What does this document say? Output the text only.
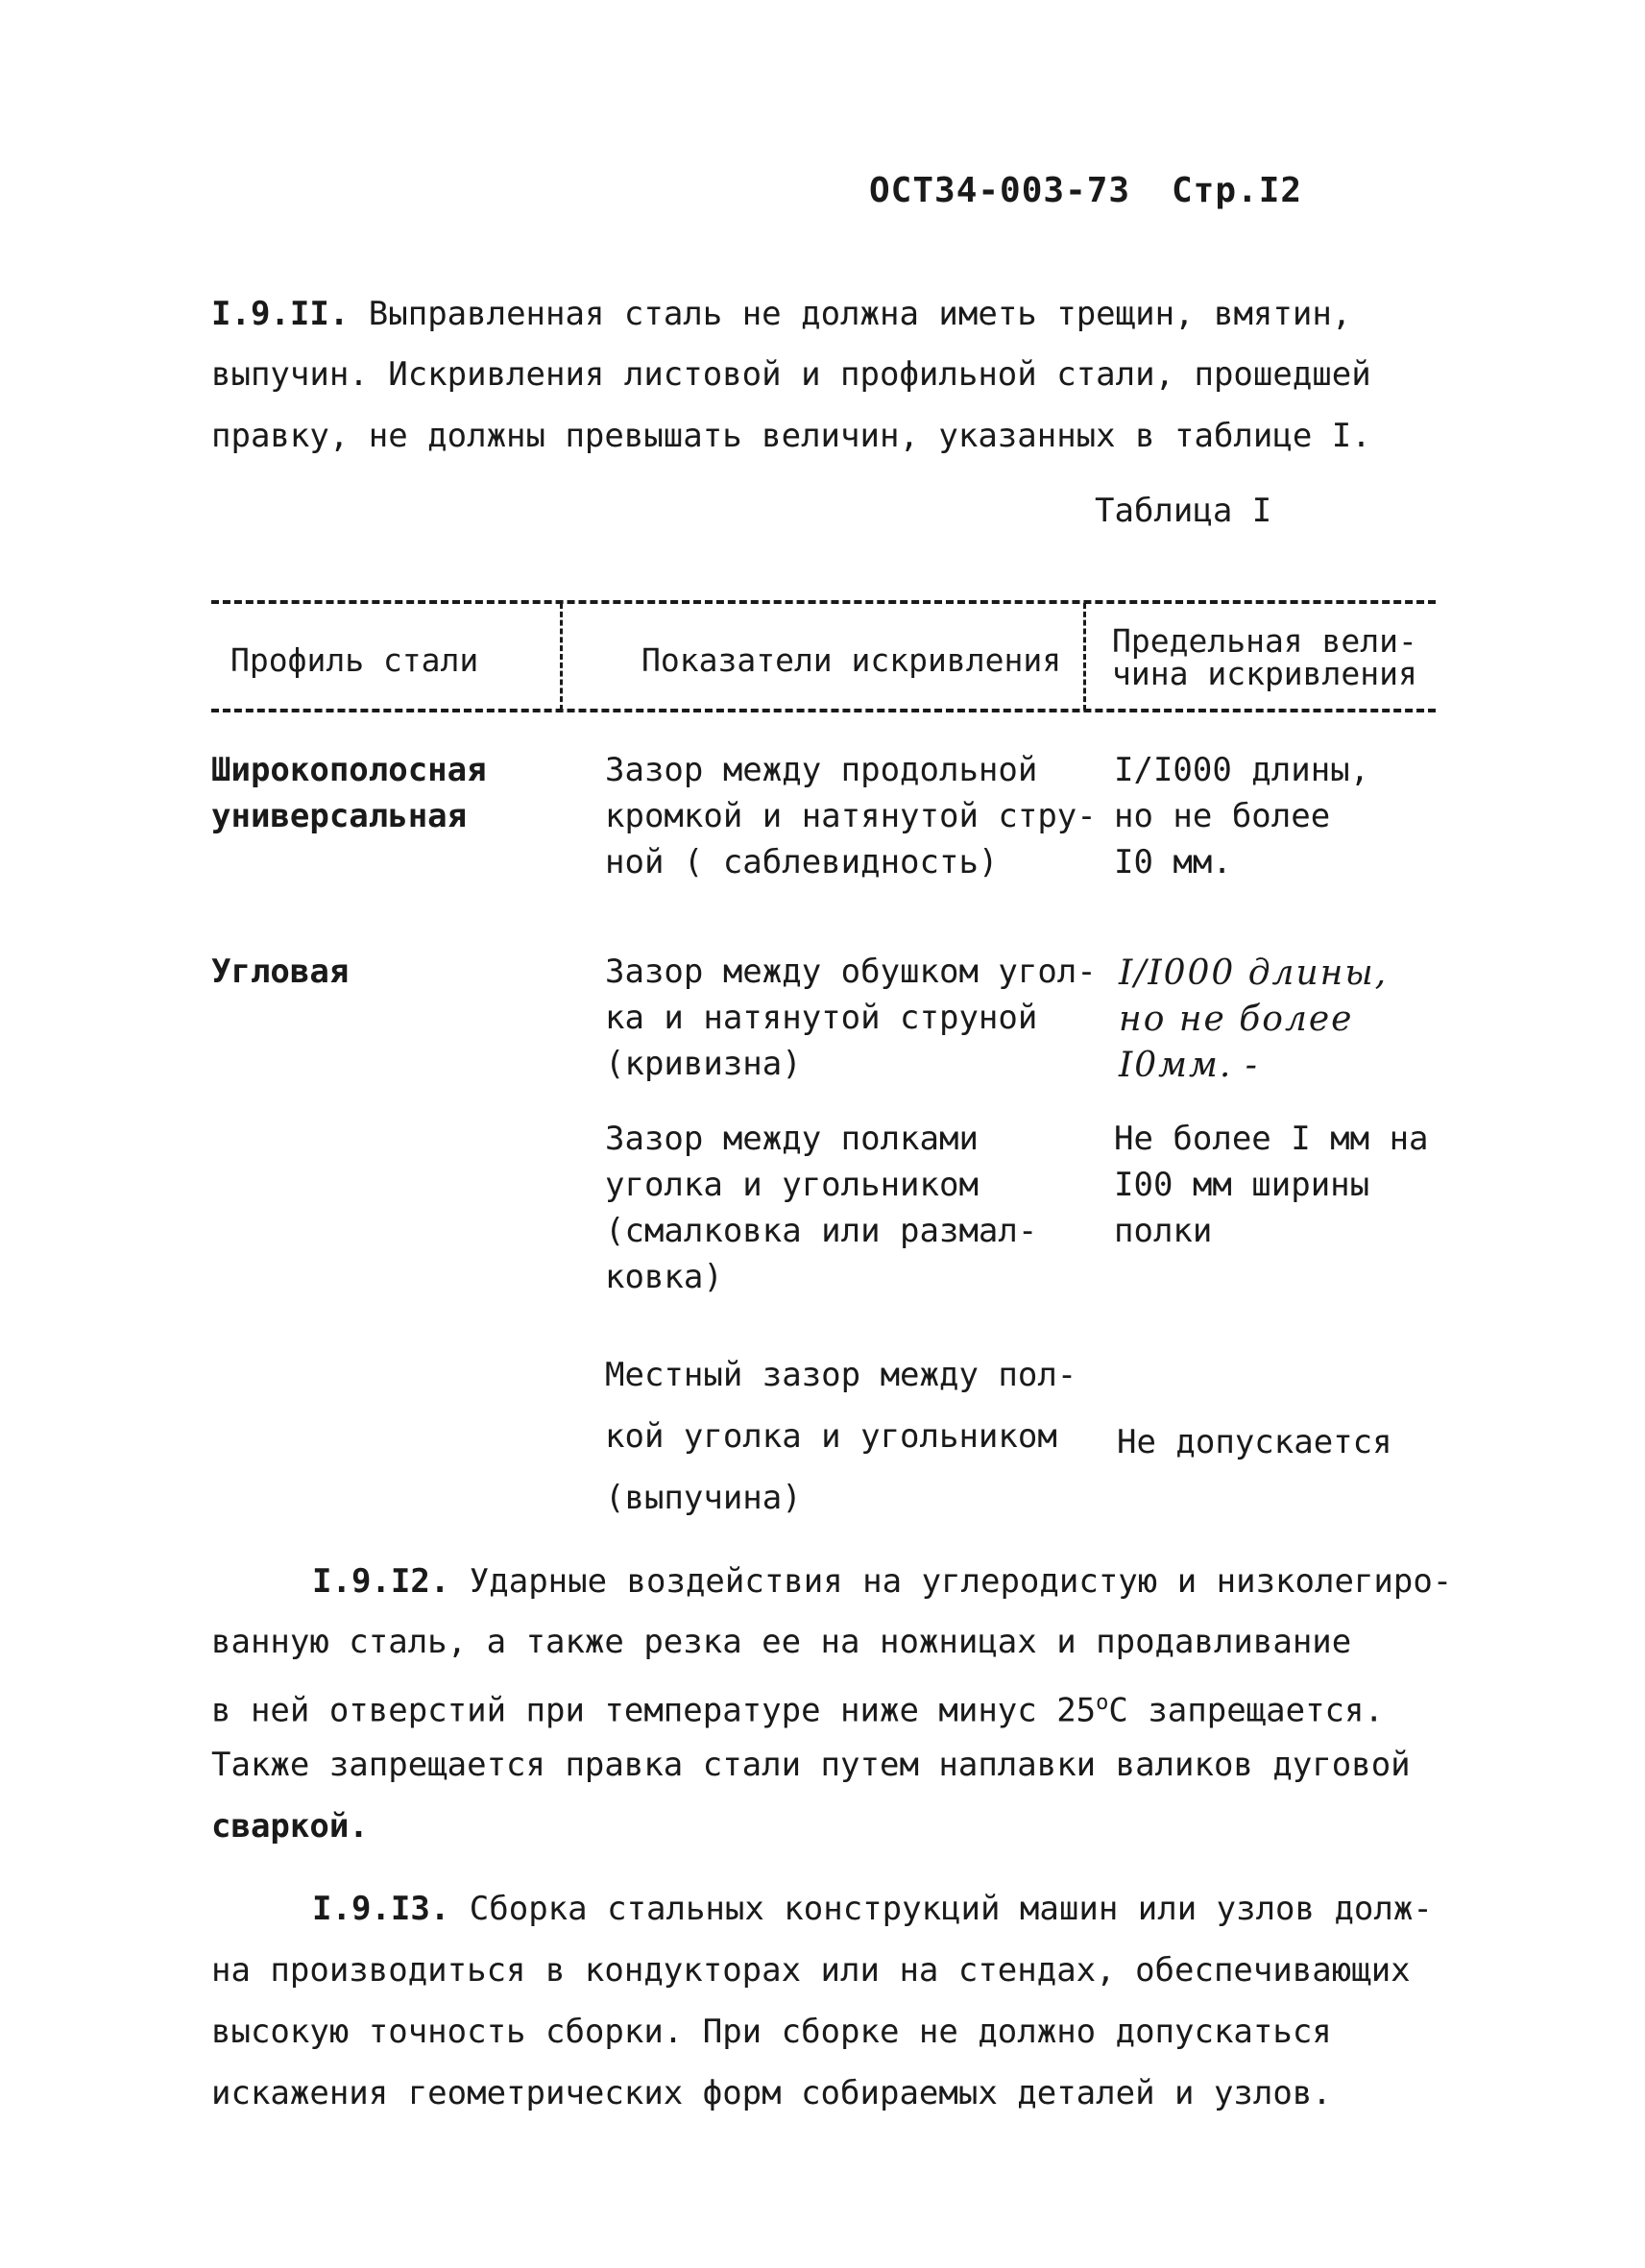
ОСТ34-003-73 Стр.I2
I.9.II. Выправленная сталь не должна иметь трещин, вмятин,
выпучин. Искривления листовой и профильной стали, прошедшей
правку, не должны превышать величин, указанных в таблице I.
Таблица I
Профиль стали	Показатели искривления
Предельная вели-
чина искривления
Широкополосная
универсальная
Зазор между продольной
кромкой и натянутой стру-
ной ( саблевидность)
I/I000 длины,
но не более
I0 мм.
Угловая	Зазор между обушком угол-
ка и натянутой струной
(кривизна)
I/I000 длины,
но не более
I0мм. -
Зазор между полками
уголка и угольником
(смалковка или размал-
ковка)
Не более I мм на
I00 мм ширины
полки
Местный зазор между пол-
кой уголка и угольником
(выпучина)
Не допускается
I.9.I2. Ударные воздействия на углеродистую и низколегиро-
ванную сталь, а также резка ее на ножницах и продавливание
в ней отверстий при температуре ниже минус 25$^o$С запрещается.
Также запрещается правка стали путем наплавки валиков дуговой
сваркой.
I.9.I3. Сборка стальных конструкций машин или узлов долж-
на производиться в кондукторах или на стендах, обеспечивающих
высокую точность сборки. При сборке не должно допускаться
искажения геометрических форм собираемых деталей и узлов.
